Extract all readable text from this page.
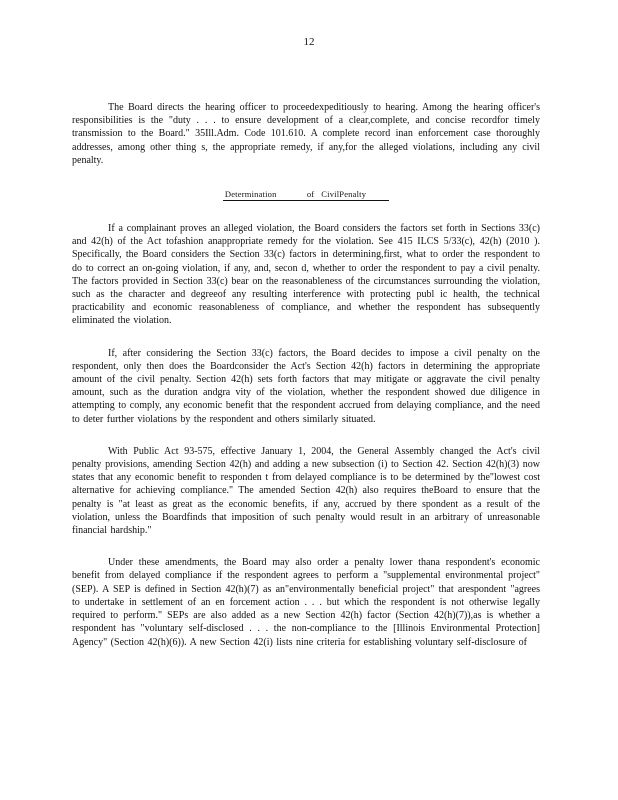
12

The Board directs the hearing officer to proceedexpeditiously to hearing. Among the hearing officer's responsibilities is the "duty . . . to ensure development of a clear,complete, and concise recordfor timely transmission to the Board." 35Ill.Adm. Code 101.610. A complete record inan enforcement case thoroughly addresses, among other thing s, the appropriate remedy, if any,for the alleged violations, including any civil penalty.

Determination	of CivilPenalty

If a complainant proves an alleged violation, the Board considers the factors set forth in Sections 33(c) and 42(h) of the Act tofashion anappropriate remedy for the violation. See 415 ILCS 5/33(c), 42(h) (2010 ). Specifically, the Board considers the Section 33(c) factors in determining,first, what to order the respondent to do to correct an on-going violation, if any, and, secon d, whether to order the respondent to pay a civil penalty. The factors provided in Section 33(c) bear on the reasonableness of the circumstances surrounding the violation, such as the character and degreeof any resulting interference with protecting publ ic health, the technical practicability and economic reasonableness of compliance, and whether the respondent has subsequently eliminated the violation.

If, after considering the Section 33(c) factors, the Board decides to impose a civil penalty on the respondent, only then does the Boardconsider the Act's Section 42(h) factors in determining the appropriate amount of the civil penalty. Section 42(h) sets forth factors that may mitigate or aggravate the civil penalty amount, such as the duration andgra vity of the violation, whether the respondent showed due diligence in attempting to comply, any economic benefit that the respondent accrued from delaying compliance, and the need to deter further violations by the respondent and others similarly situated.

With Public Act 93-575, effective January 1, 2004, the General Assembly changed the Act's civil penalty provisions, amending Section 42(h) and adding a new subsection (i) to Section 42. Section 42(h)(3) now states that any economic benefit to responden t from delayed compliance is to be determined by the"lowest cost alternative for achieving compliance." The amended Section 42(h) also requires theBoard to ensure that the penalty is "at least as great as the economic benefits, if any, accrued by there spondent as a result of the violation, unless the Boardfinds that imposition of such penalty would result in an arbitrary of unreasonable financial hardship."

Under these amendments, the Board may also order a penalty lower thana respondent's economic benefit from delayed compliance if the respondent agrees to perform a "supplemental environmental project" (SEP). A SEP is defined in Section 42(h)(7) as an"environmentally beneficial project" that arespondent "agrees to undertake in settlement of an en forcement action . . . but which the respondent is not otherwise legally required to perform." SEPs are also added as a new Section 42(h) factor (Section 42(h)(7)),as is whether a respondent has "voluntary self-disclosed . . . the non-compliance to the [Illinois Environmental Protection] Agency" (Section 42(h)(6)). A new Section 42(i) lists nine criteria for establishing voluntary self-disclosure of
